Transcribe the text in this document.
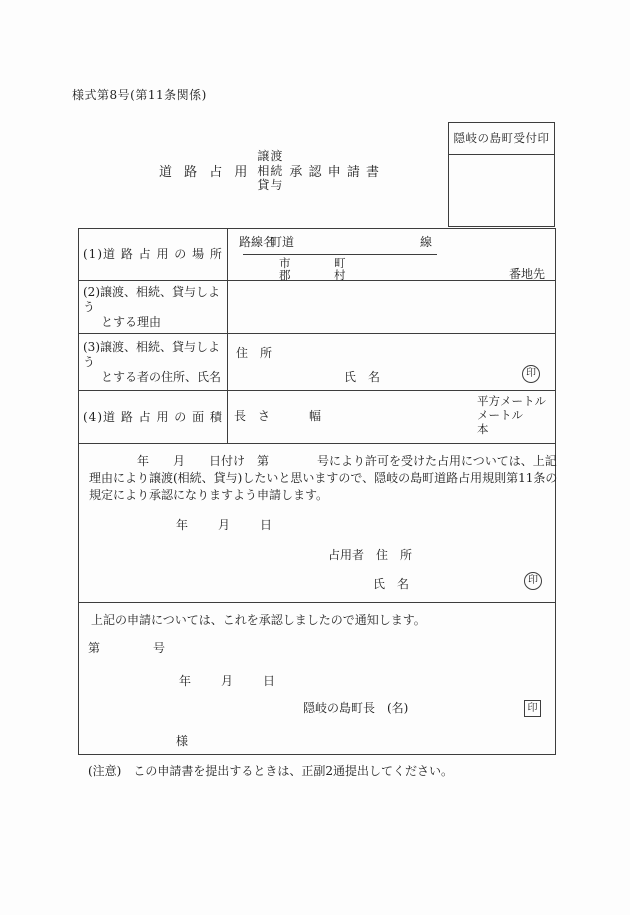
様式第8号(第11条関係)
隠岐の島町受付印
道 路 占 用
譲渡
相続
貸与
承 認 申 請 書
(1)道 路 占 用 の 場 所
路線名
町道	線
市	町
郡	村	番地先
(2)譲渡、相続、貸与しよう
とする理由
(3)譲渡、相続、貸与しよう
とする者の住所、氏名
住　所
氏　名	印
(4)道 路 占 用 の 面 積 長　さ	幅
平方メートル
メートル
本
　　　　年　　月　　日付け　第　　　　号により許可を受けた占用については、上記
理由により譲渡(相続、貸与)したいと思いますので、隠岐の島町道路占用規則第11条の
規定により承認になりますよう申請します。
年　　月　　日
占用者　住　所
氏　名	印
上記の申請については、これを承認しましたので通知します。
第　　　　号
年　　月　　日
隠岐の島町長　(名)	印
様
(注意)　この申請書を提出するときは、正副2通提出してください。
